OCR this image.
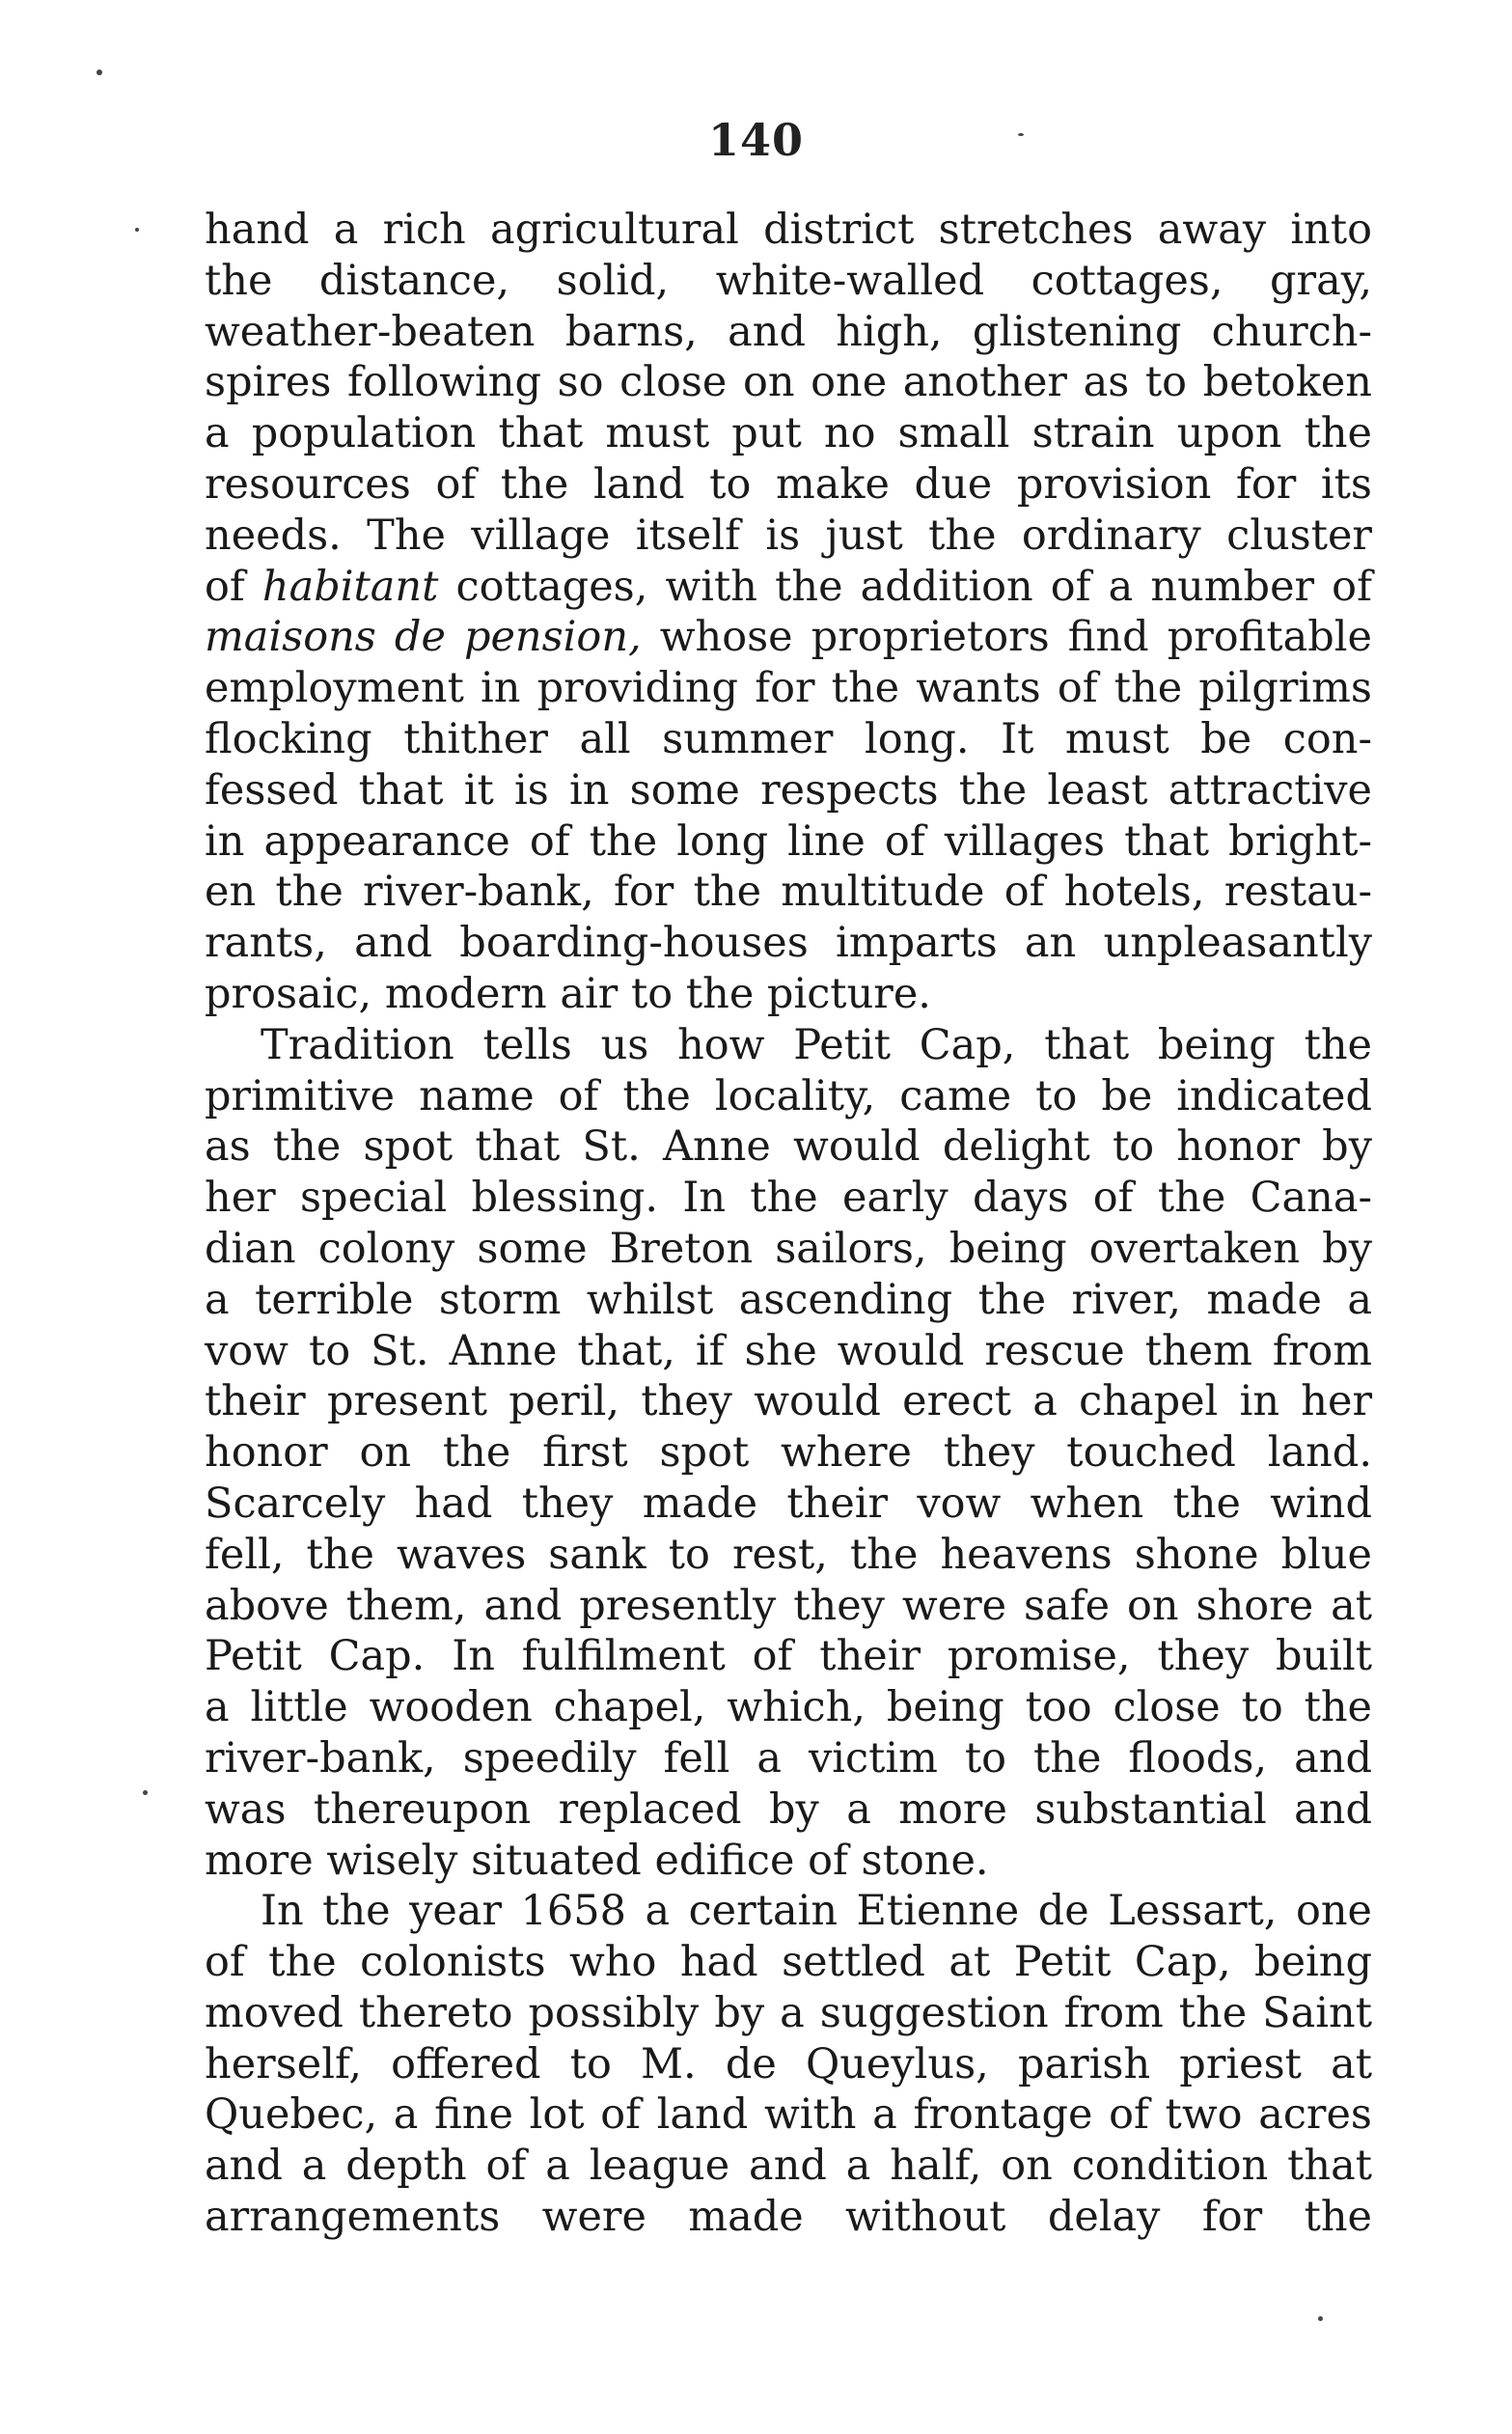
140
hand a rich agricultural district stretches away into
the distance, solid, white-walled cottages, gray,
weather-beaten barns, and high, glistening church-
spires following so close on one another as to betoken
a population that must put no small strain upon the
resources of the land to make due provision for its
needs. The village itself is just the ordinary cluster
of habitant cottages, with the addition of a number of
maisons de pension, whose proprietors find profitable
employment in providing for the wants of the pilgrims
flocking thither all summer long. It must be con-
fessed that it is in some respects the least attractive
in appearance of the long line of villages that bright-
en the river-bank, for the multitude of hotels, restau-
rants, and boarding-houses imparts an unpleasantly
prosaic, modern air to the picture.
Tradition tells us how Petit Cap, that being the
primitive name of the locality, came to be indicated
as the spot that St. Anne would delight to honor by
her special blessing. In the early days of the Cana-
dian colony some Breton sailors, being overtaken by
a terrible storm whilst ascending the river, made a
vow to St. Anne that, if she would rescue them from
their present peril, they would erect a chapel in her
honor on the first spot where they touched land.
Scarcely had they made their vow when the wind
fell, the waves sank to rest, the heavens shone blue
above them, and presently they were safe on shore at
Petit Cap. In fulfilment of their promise, they built
a little wooden chapel, which, being too close to the
river-bank, speedily fell a victim to the floods, and
was thereupon replaced by a more substantial and
more wisely situated edifice of stone.
In the year 1658 a certain Etienne de Lessart, one
of the colonists who had settled at Petit Cap, being
moved thereto possibly by a suggestion from the Saint
herself, offered to M. de Queylus, parish priest at
Quebec, a fine lot of land with a frontage of two acres
and a depth of a league and a half, on condition that
arrangements were made without delay for the
